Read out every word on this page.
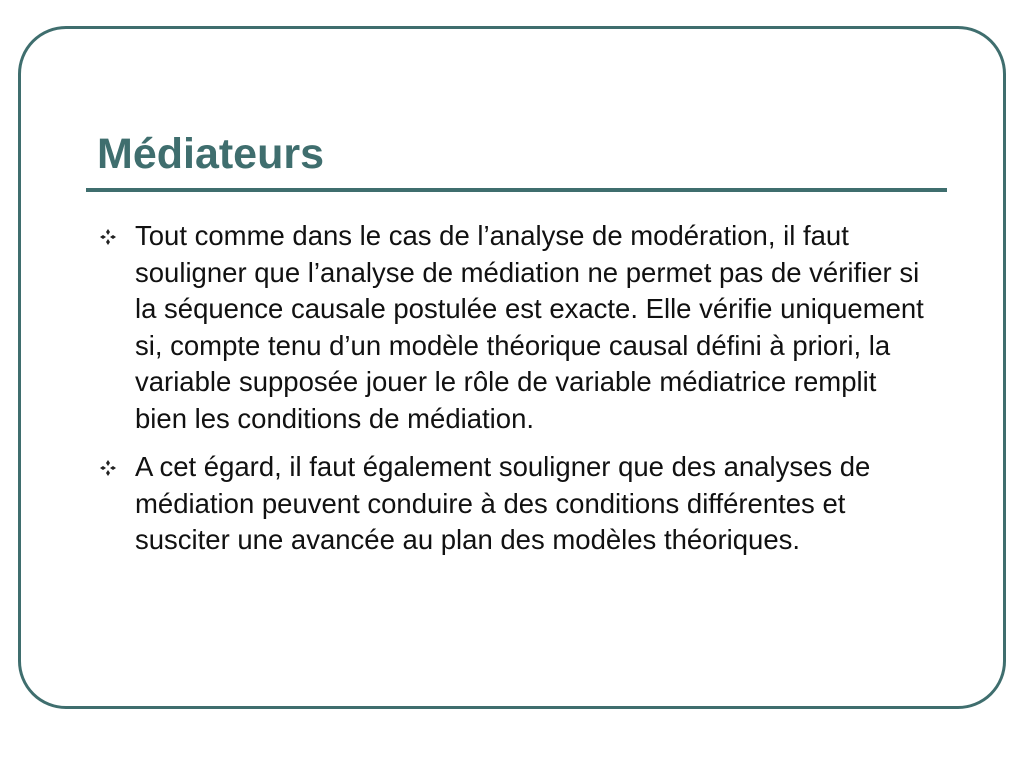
Médiateurs
Tout comme dans le cas de l’analyse de modération, il faut souligner que l’analyse de médiation ne permet pas de vérifier si la séquence causale postulée est exacte. Elle vérifie uniquement si, compte tenu d’un modèle théorique causal défini à priori, la variable supposée jouer le rôle de variable médiatrice remplit bien les conditions de médiation.
A cet égard, il faut également souligner que des analyses de médiation peuvent conduire à des conditions différentes et susciter une avancée au plan des modèles théoriques.
